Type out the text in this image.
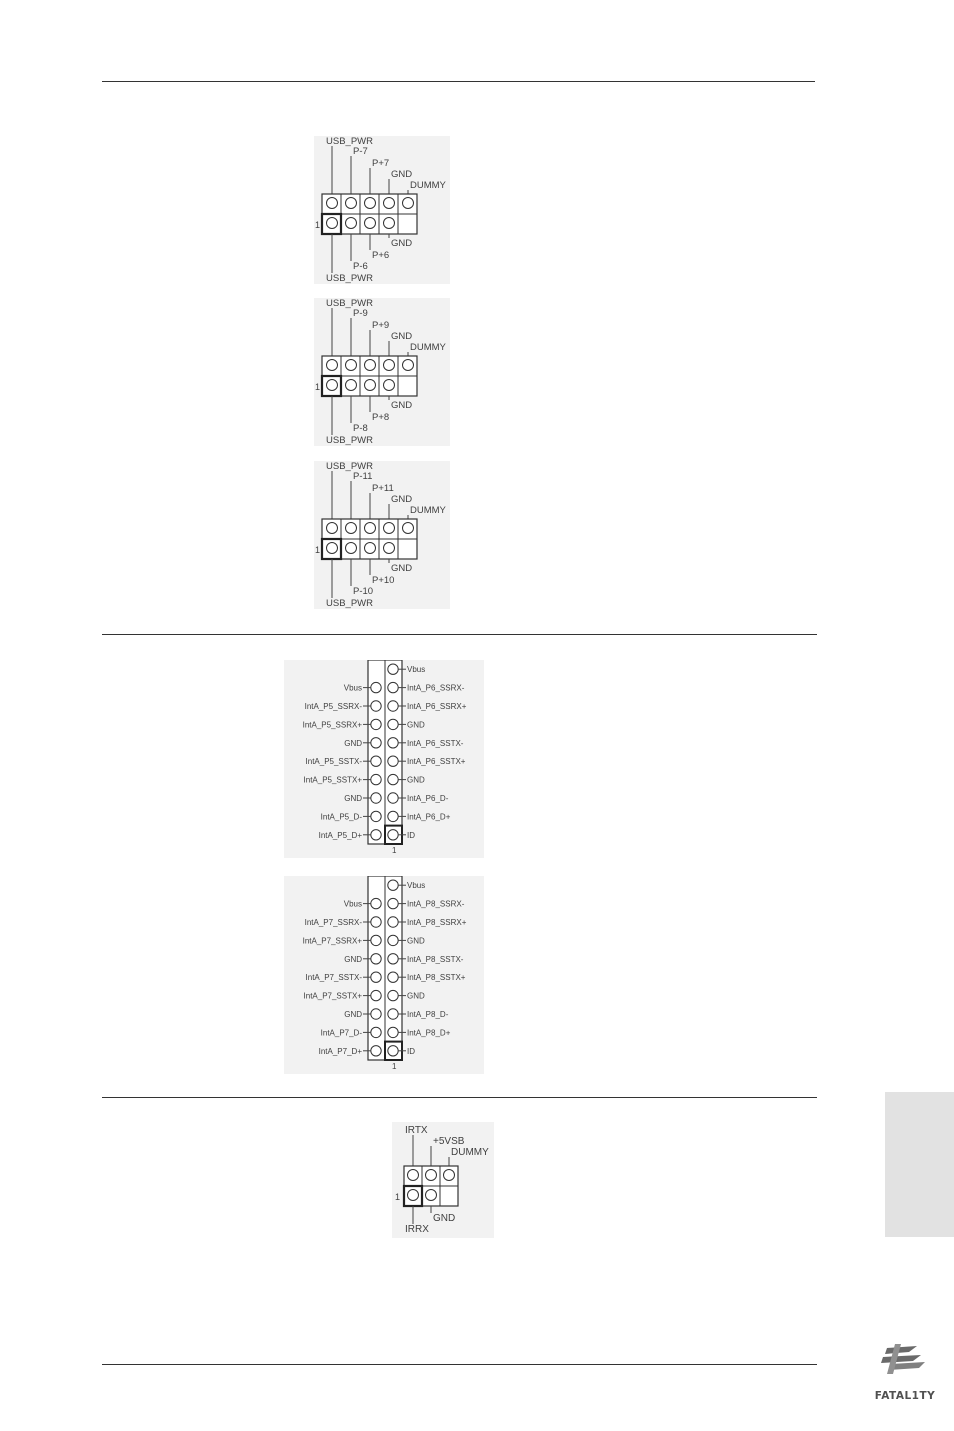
USB_PWR
P-7
P+7
GND
DUMMY
1
GND
P+6
P-6
USB_PWR
USB_PWR
P-9
P+9
GND
DUMMY
1
GND
P+8
P-8
USB_PWR
USB_PWR
P-11
P+11
GND
DUMMY
1
GND
P+10
P-10
USB_PWR
Vbus
IntA_P6_SSRX-
Vbus
IntA_P6_SSRX+
IntA_P5_SSRX-
GND
IntA_P5_SSRX+
IntA_P6_SSTX-
GND
IntA_P6_SSTX+
IntA_P5_SSTX-
GND
IntA_P5_SSTX+
IntA_P6_D-
GND
IntA_P6_D+
IntA_P5_D-
ID
IntA_P5_D+
1
Vbus
IntA_P8_SSRX-
Vbus
IntA_P8_SSRX+
IntA_P7_SSRX-
GND
IntA_P7_SSRX+
IntA_P8_SSTX-
GND
IntA_P8_SSTX+
IntA_P7_SSTX-
GND
IntA_P7_SSTX+
IntA_P8_D-
GND
IntA_P8_D+
IntA_P7_D-
ID
IntA_P7_D+
1
IRTX
+5VSB
DUMMY
1
GND
IRRX
FATAL1TY
